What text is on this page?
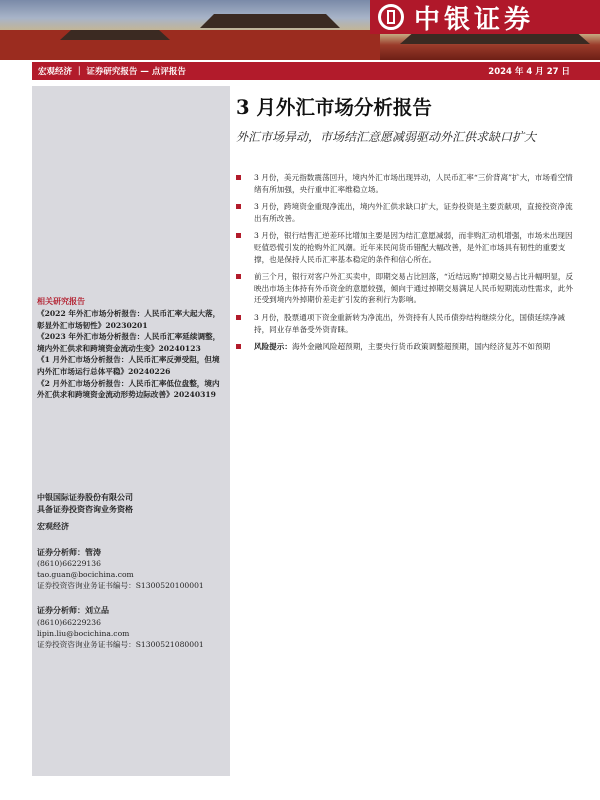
中银证券
宏观经济 ｜ 证券研究报告 — 点评报告	2024 年 4 月 27 日
相关研究报告
《2022 年外汇市场分析报告：人民币汇率大起大落，彰显外汇市场韧性》20230201
《2023 年外汇市场分析报告：人民币汇率延续调整，境内外汇供求和跨境资金流动生变》20240123
《1 月外汇市场分析报告：人民币汇率反弹受阻，但境内外汇市场运行总体平稳》20240226
《2 月外汇市场分析报告：人民币汇率低位盘整，境内外汇供求和跨境资金流动形势边际改善》20240319
中银国际证券股份有限公司
具备证券投资咨询业务资格
宏观经济
证券分析师：管涛
(8610)66229136
tao.guan@bocichina.com
证券投资咨询业务证书编号：S1300520100001
证券分析师：刘立品
(8610)66229236
lipin.liu@bocichina.com
证券投资咨询业务证书编号：S1300521080001
3 月外汇市场分析报告
外汇市场异动，市场结汇意愿减弱驱动外汇供求缺口扩大
3 月份，美元指数震荡回升，境内外汇市场出现异动，人民币汇率“三价背离”扩大，市场看空情绪有所加强，央行重申汇率维稳立场。
3 月份，跨境资金重现净流出，境内外汇供求缺口扩大，证券投资是主要贡献项，直接投资净流出有所改善。
3 月份，银行结售汇逆差环比增加主要是因为结汇意愿减弱，而非购汇动机增强，市场未出现因贬值恐慌引发的抢购外汇风潮。近年来民间货币错配大幅改善，是外汇市场具有韧性的重要支撑，也是保持人民币汇率基本稳定的条件和信心所在。
前三个月，银行对客户外汇买卖中，即期交易占比回落，“近结远购”掉期交易占比升幅明显，反映出市场主体持有外币资金的意愿较强，倾向于通过掉期交易满足人民币短期流动性需求，此外还受到境内外掉期价差走扩引发的套利行为影响。
3 月份，股票通项下资金重新转为净流出，外资持有人民币债券结构继续分化，国债延续净减持，同业存单备受外资青睐。
风险提示：海外金融风险超预期，主要央行货币政策调整超预期，国内经济复苏不如预期
